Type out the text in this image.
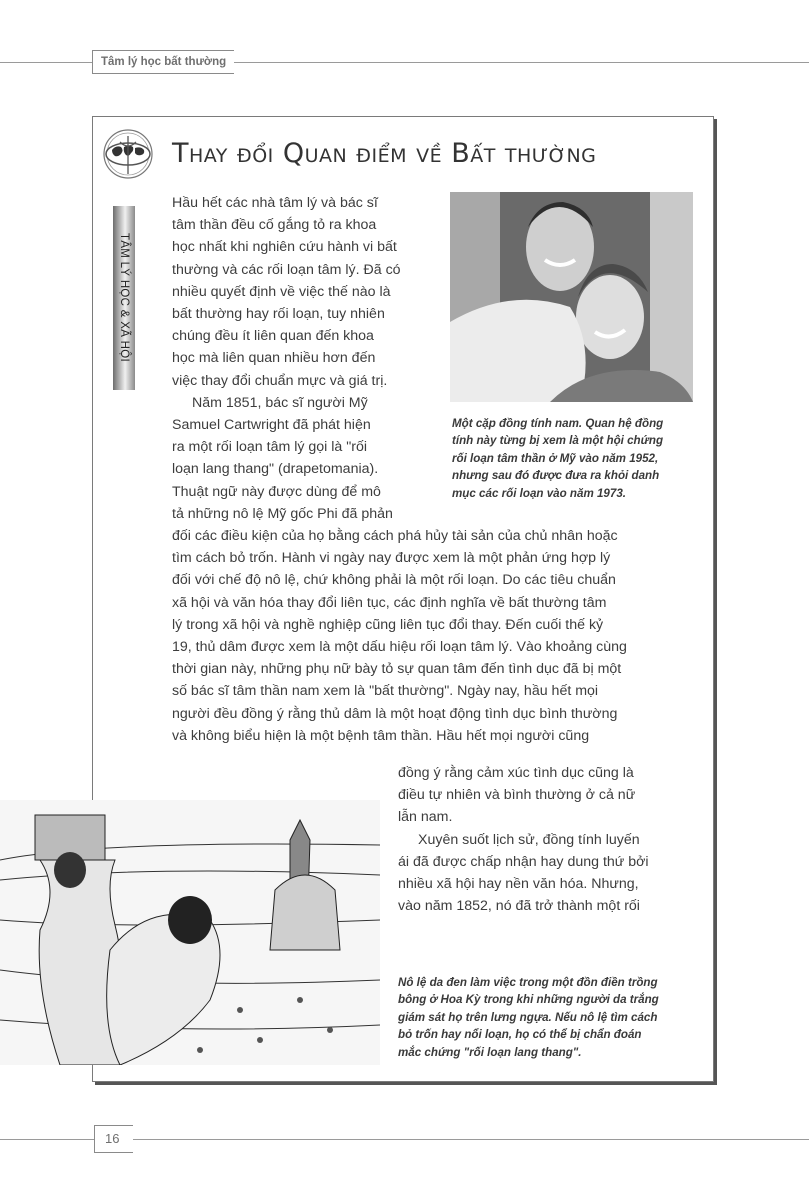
Tâm lý học bất thường
Thay đổi Quan điểm về Bất thường
TÂM LÝ HỌC & XÃ HỘI
Hầu hết các nhà tâm lý và bác sĩ
tâm thần đều cố gắng tỏ ra khoa
học nhất khi nghiên cứu hành vi bất
thường và các rối loạn tâm lý. Đã có
nhiều quyết định về việc thế nào là
bất thường hay rối loạn, tuy nhiên
chúng đều ít liên quan đến khoa
học mà liên quan nhiều hơn đến
việc thay đổi chuẩn mực và giá trị.
Năm 1851, bác sĩ người Mỹ
Samuel Cartwright đã phát hiện
ra một rối loạn tâm lý gọi là "rối
loạn lang thang" (drapetomania).
Thuật ngữ này được dùng để mô
tả những nô lệ Mỹ gốc Phi đã phản
đối các điều kiện của họ bằng cách phá hủy tài sản của chủ nhân hoặc
tìm cách bỏ trốn. Hành vi ngày nay được xem là một phản ứng hợp lý
đối với chế độ nô lệ, chứ không phải là một rối loạn. Do các tiêu chuẩn
xã hội và văn hóa thay đổi liên tục, các định nghĩa về bất thường tâm
lý trong xã hội và nghề nghiệp cũng liên tục đổi thay. Đến cuối thế kỷ
19, thủ dâm được xem là một dấu hiệu rối loạn tâm lý. Vào khoảng cùng
thời gian này, những phụ nữ bày tỏ sự quan tâm đến tình dục đã bị một
số bác sĩ tâm thần nam xem là "bất thường". Ngày nay, hầu hết mọi
người đều đồng ý rằng thủ dâm là một hoạt động tình dục bình thường
và không biểu hiện là một bệnh tâm thần. Hầu hết mọi người cũng
đồng ý rằng cảm xúc tình dục cũng là
điều tự nhiên và bình thường ở cả nữ
lẫn nam.
Xuyên suốt lịch sử, đồng tính luyến
ái đã được chấp nhận hay dung thứ bởi
nhiều xã hội hay nền văn hóa. Nhưng,
vào năm 1852, nó đã trở thành một rối
Một cặp đồng tính nam. Quan hệ đồng
tính này từng bị xem là một hội chứng
rối loạn tâm thần ở Mỹ vào năm 1952,
nhưng sau đó được đưa ra khỏi danh
mục các rối loạn vào năm 1973.
Nô lệ da đen làm việc trong một đồn điền trồng
bông ở Hoa Kỳ trong khi những người da trắng
giám sát họ trên lưng ngựa. Nếu nô lệ tìm cách
bỏ trốn hay nổi loạn, họ có thể bị chẩn đoán
mắc chứng "rối loạn lang thang".
16
